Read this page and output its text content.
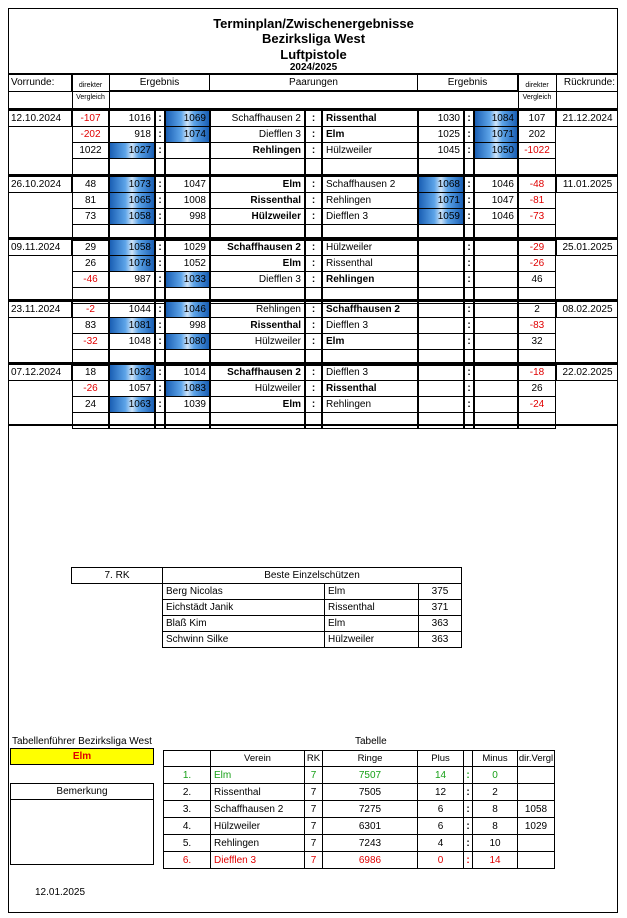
Terminplan/Zwischenergebnisse
Bezirksliga West
Luftpistole
2024/2025
Vorrunde:	direkter
Vergleich
Ergebnis	Paarungen	Ergebnis	direkter
Vergleich
Rückrunde:
12.10.2024	21.12.2024
-107	1016 :	1069	Schaffhausen 2	:	Rissenthal	1030 :	1084	107
-202	918 :	1074	Diefflen 3	:	Elm	1025 :	1071	202
1022	1027 :	Rehlingen	:	Hülzweiler	1045 :	1050	-1022
26.10.2024	11.01.2025
48	1073 :	1047	Elm	:	Schaffhausen 2	1068 :	1046	-48
81	1065 :	1008	Rissenthal	:	Rehlingen	1071 :	1047	-81
73	1058 :	998	Hülzweiler	:	Diefflen 3	1059 :	1046	-73
09.11.2024	25.01.2025
29	1058 :	1029	Schaffhausen 2	:	Hülzweiler	:	-29
26	1078 :	1052	Elm	:	Rissenthal	:	-26
-46	987 :	1033	Diefflen 3	:	Rehlingen	:	46
23.11.2024	08.02.2025
-2	1044 :	1046	Rehlingen	:	Schaffhausen 2	:	2
83	1081 :	998	Rissenthal	:	Diefflen 3	:	-83
-32	1048 :	1080	Hülzweiler	:	Elm	:	32
07.12.2024	22.02.2025
18	1032 :	1014	Schaffhausen 2	:	Diefflen 3	:	-18
-26	1057 :	1083	Hülzweiler	:	Rissenthal	:	26
24	1063 :	1039	Elm	:	Rehlingen	:	-24
7. RK	Beste Einzelschützen
Berg Nicolas	Elm	375
Eichstädt Janik	Rissenthal	371
Blaß Kim	Elm	363
Schwinn Silke	Hülzweiler	363
Tabellenführer Bezirksliga West
Elm
Bemerkung
Tabelle
Verein	RK	Ringe	Plus	Minus	dir.Vergl
1.	Elm	7	7507	14	:	0
2.	Rissenthal	7	7505	12	:	2
3.	Schaffhausen 2	7	7275	6	:	8	1058
4.	Hülzweiler	7	6301	6	:	8	1029
5.	Rehlingen	7	7243	4	:	10
6.	Diefflen 3	7	6986	0	:	14
12.01.2025
